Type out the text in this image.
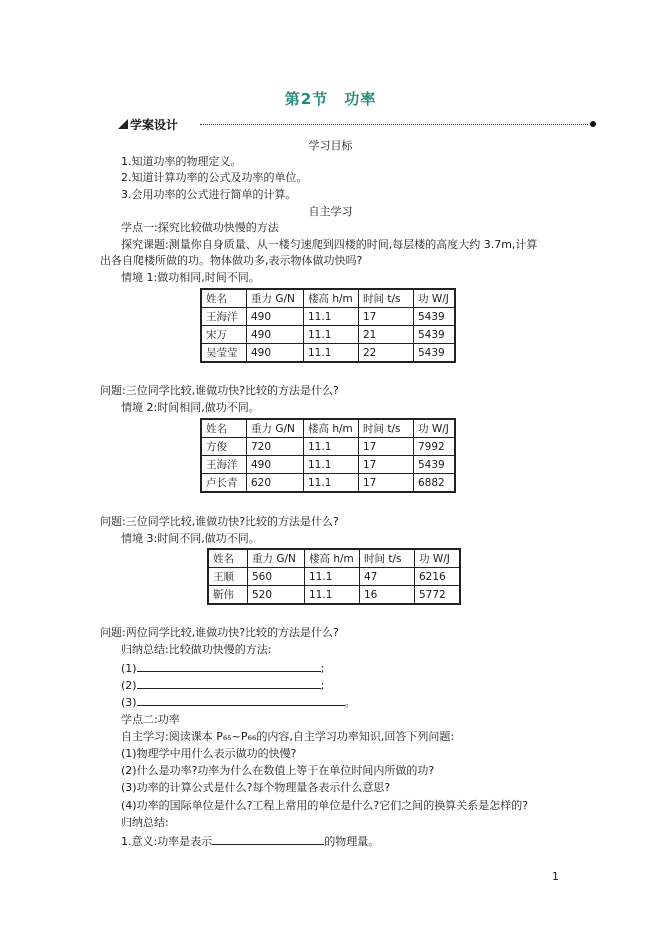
第2节　功率
学案设计
学习目标
1.知道功率的物理定义。
2.知道计算功率的公式及功率的单位。
3.会用功率的公式进行简单的计算。
自主学习
学点一:探究比较做功快慢的方法
探究课题:测量你自身质量、从一楼匀速爬到四楼的时间,每层楼的高度大约 3.7m,计算
出各自爬楼所做的功。物体做功多,表示物体做功快吗?
情境 1:做功相同,时间不同。
姓名	重力 G/N	楼高 h/m	时间 t/s	功 W/J
王海洋	490	11.1	17	5439
宋万	490	11.1	21	5439
吴莹莹	490	11.1	22	5439
问题:三位同学比较,谁做功快?比较的方法是什么?
情境 2:时间相同,做功不同。
姓名	重力 G/N	楼高 h/m	时间 t/s	功 W/J
方俊	720	11.1	17	7992
王海洋	490	11.1	17	5439
卢长青	620	11.1	17	6882
问题:三位同学比较,谁做功快?比较的方法是什么?
情境 3:时间不同,做功不同。
姓名	重力 G/N	楼高 h/m	时间 t/s	功 W/J
王顺	560	11.1	47	6216
靳伟	520	11.1	16	5772
问题:两位同学比较,谁做功快?比较的方法是什么?
归纳总结:比较做功快慢的方法:
(1)	;
(2)	;
(3)	。
学点二:功率
自主学习:阅读课本 P₆₅~P₆₆的内容,自主学习功率知识,回答下列问题:
(1)物理学中用什么表示做功的快慢?
(2)什么是功率?功率为什么在数值上等于在单位时间内所做的功?
(3)功率的计算公式是什么?每个物理量各表示什么意思?
(4)功率的国际单位是什么?工程上常用的单位是什么?它们之间的换算关系是怎样的?
归纳总结:
1.意义:功率是表示	的物理量。
1
